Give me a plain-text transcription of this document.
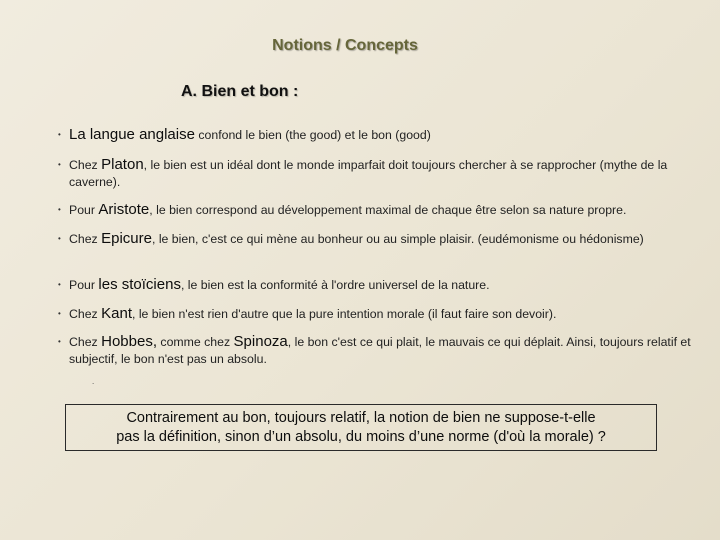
Notions / Concepts
A. Bien et bon :
• La langue anglaise confond le bien (the good) et le bon (good)
• Chez Platon, le bien est un idéal dont le monde imparfait doit toujours chercher à se rapprocher (mythe de la caverne).
• Pour Aristote, le bien correspond au développement maximal de chaque être selon sa nature propre.
• Chez Epicure, le bien, c'est ce qui mène au bonheur ou au simple plaisir. (eudémonisme ou hédonisme)
• Pour les stoïciens, le bien est la conformité à l'ordre universel de la nature.
• Chez Kant, le bien n'est rien d'autre que la pure intention morale (il faut faire son devoir).
• Chez Hobbes, comme chez Spinoza, le bon c'est ce qui plait, le mauvais ce qui déplait. Ainsi, toujours relatif et subjectif, le bon n'est pas un absolu.
.
Contrairement au bon, toujours relatif, la notion de bien ne suppose-t-elle
pas la définition, sinon d’un absolu, du moins d’une norme (d'où la morale) ?
